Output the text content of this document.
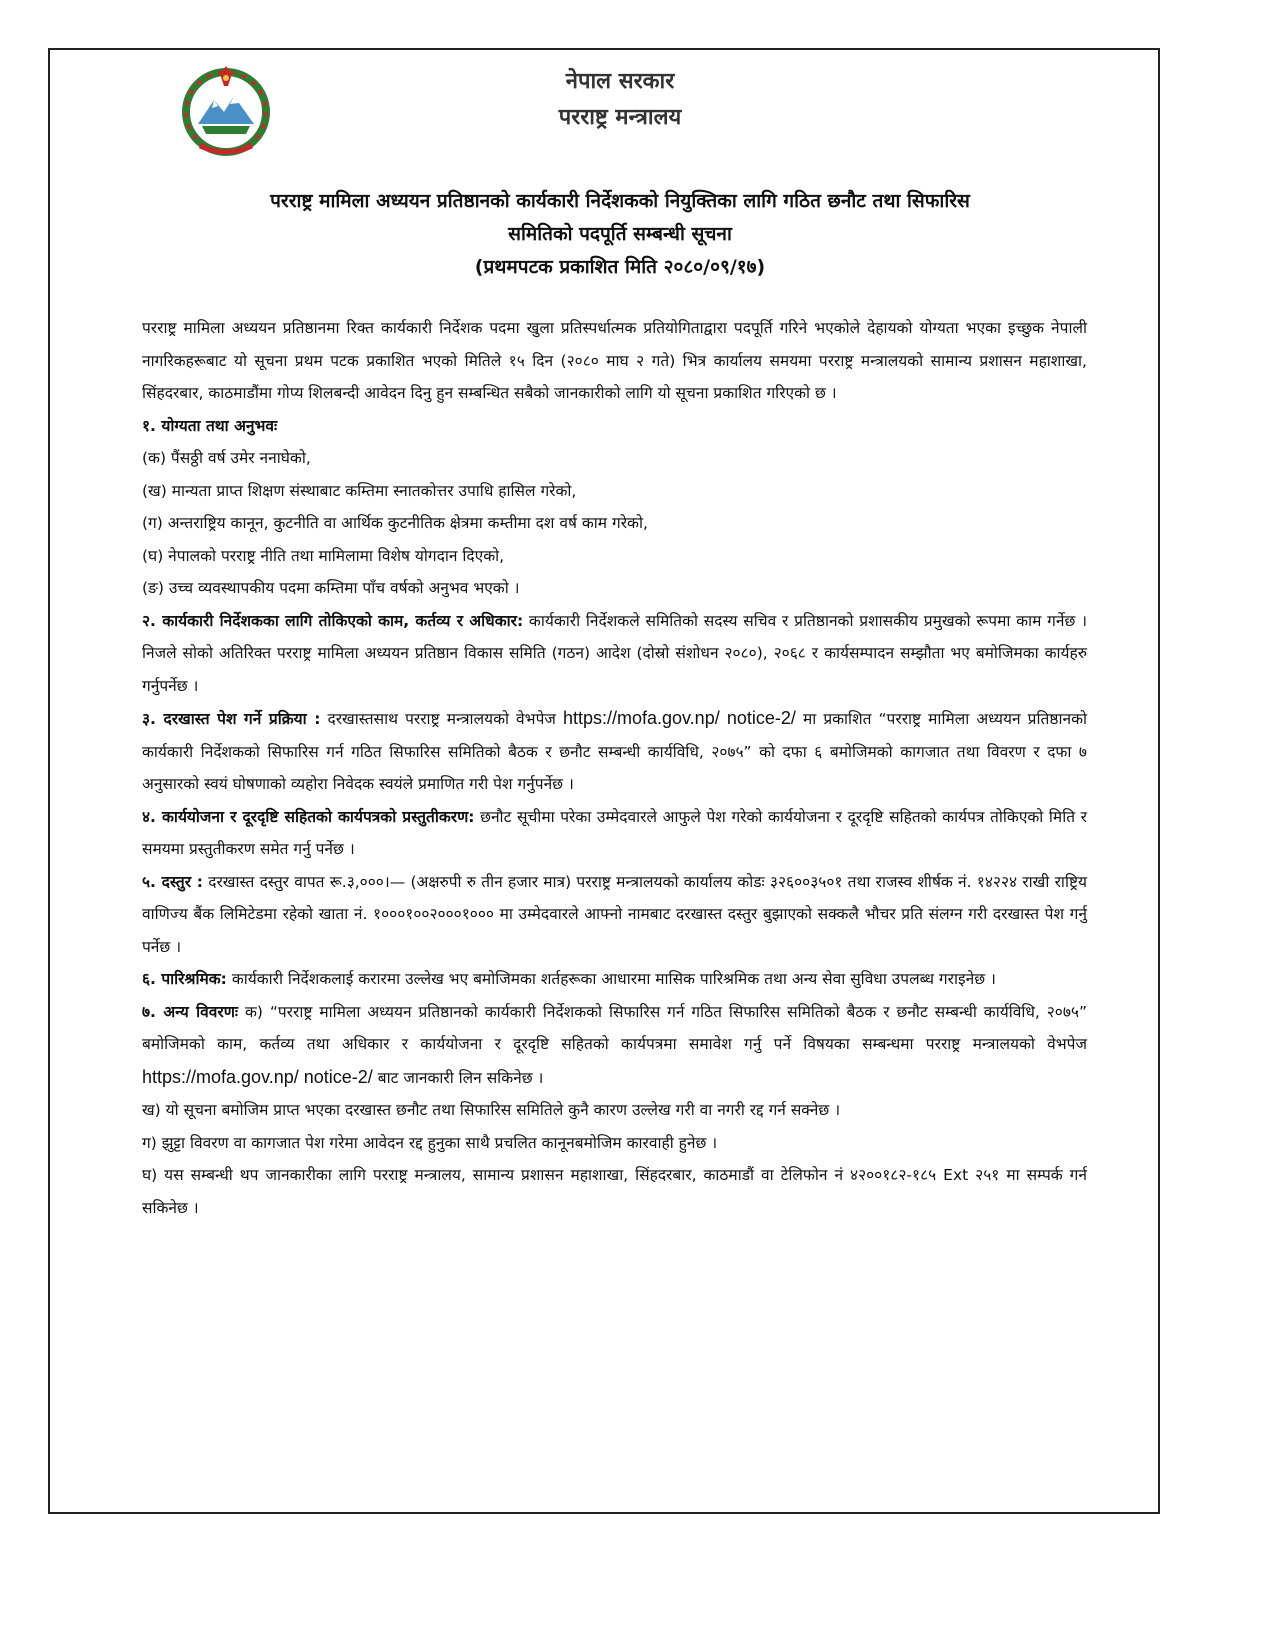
नेपाल सरकार
परराष्ट्र मन्त्रालय
परराष्ट्र मामिला अध्ययन प्रतिष्ठानको कार्यकारी निर्देशकको नियुक्तिका लागि गठित छनौट तथा सिफारिस
समितिको पदपूर्ति सम्बन्धी सूचना
(प्रथमपटक प्रकाशित मिति २०८०/०९/१७)

परराष्ट्र मामिला अध्ययन प्रतिष्ठानमा रिक्त कार्यकारी निर्देशक पदमा खुला प्रतिस्पर्धात्मक प्रतियोगिताद्वारा पदपूर्ति गरिने भएकोले देहायको योग्यता भएका इच्छुक नेपाली नागरिकहरूबाट यो सूचना प्रथम पटक प्रकाशित भएको मितिले १५ दिन (२०८० माघ २ गते) भित्र कार्यालय समयमा परराष्ट्र मन्त्रालयको सामान्य प्रशासन महाशाखा, सिंहदरबार, काठमाडौंमा गोप्य शिलबन्दी आवेदन दिनु हुन सम्बन्धित सबैको जानकारीको लागि यो सूचना प्रकाशित गरिएको छ ।

१. योग्यता तथा अनुभवः

(क) पैंसठ्ठी वर्ष उमेर ननाघेको,

(ख) मान्यता प्राप्त शिक्षण संस्थाबाट कम्तिमा स्नातकोत्तर उपाधि हासिल गरेको,

(ग) अन्तराष्ट्रिय कानून, कुटनीति वा आर्थिक कुटनीतिक क्षेत्रमा कम्तीमा दश वर्ष काम गरेको,

(घ) नेपालको परराष्ट्र नीति तथा मामिलामा विशेष योगदान दिएको,

(ङ) उच्च व्यवस्थापकीय पदमा कम्तिमा पाँच वर्षको अनुभव भएको ।

२. कार्यकारी निर्देशकका लागि तोकिएको काम, कर्तव्य र अधिकार: कार्यकारी निर्देशकले समितिको सदस्य सचिव र प्रतिष्ठानको प्रशासकीय प्रमुखको रूपमा काम गर्नेछ । निजले सोको अतिरिक्त परराष्ट्र मामिला अध्ययन प्रतिष्ठान विकास समिति (गठन) आदेश (दोस्रो संशोधन २०८०), २०६८ र कार्यसम्पादन सम्झौता भए बमोजिमका कार्यहरु गर्नुपर्नेछ ।

३. दरखास्त पेश गर्ने प्रक्रिया : दरखास्तसाथ परराष्ट्र मन्त्रालयको वेभपेज https://mofa.gov.np/ notice-2/ मा प्रकाशित “परराष्ट्र मामिला अध्ययन प्रतिष्ठानको कार्यकारी निर्देशकको सिफारिस गर्न गठित सिफारिस समितिको बैठक र छनौट सम्बन्धी कार्यविधि, २०७५” को दफा ६ बमोजिमको कागजात तथा विवरण र दफा ७ अनुसारको स्वयं घोषणाको व्यहोरा निवेदक स्वयंले प्रमाणित गरी पेश गर्नुपर्नेछ ।

४. कार्ययोजना र दूरदृष्टि सहितको कार्यपत्रको प्रस्तुतीकरण: छनौट सूचीमा परेका उम्मेदवारले आफुले पेश गरेको कार्ययोजना र दूरदृष्टि सहितको कार्यपत्र तोकिएको मिति र समयमा प्रस्तुतीकरण समेत गर्नु पर्नेछ ।

५. दस्तुर : दरखास्त दस्तुर वापत रू.३,०००।— (अक्षरुपी रु तीन हजार मात्र) परराष्ट्र मन्त्रालयको कार्यालय कोडः ३२६००३५०१ तथा राजस्व शीर्षक नं. १४२२४ राखी राष्ट्रिय वाणिज्य बैंक लिमिटेडमा रहेको खाता नं. १०००१००२०००१००० मा उम्मेदवारले आफ्नो नामबाट दरखास्त दस्तुर बुझाएको सक्कलै भौचर प्रति संलग्न गरी दरखास्त पेश गर्नु पर्नेछ ।

६. पारिश्रमिक: कार्यकारी निर्देशकलाई करारमा उल्लेख भए बमोजिमका शर्तहरूका आधारमा मासिक पारिश्रमिक तथा अन्य सेवा सुविधा उपलब्ध गराइनेछ ।

७. अन्य विवरणः क) “परराष्ट्र मामिला अध्ययन प्रतिष्ठानको कार्यकारी निर्देशकको सिफारिस गर्न गठित सिफारिस समितिको बैठक र छनौट सम्बन्धी कार्यविधि, २०७५” बमोजिमको काम, कर्तव्य तथा अधिकार र कार्ययोजना र दूरदृष्टि सहितको कार्यपत्रमा समावेश गर्नु पर्ने विषयका सम्बन्धमा परराष्ट्र मन्त्रालयको वेभपेज https://mofa.gov.np/ notice-2/ बाट जानकारी लिन सकिनेछ ।

ख) यो सूचना बमोजिम प्राप्त भएका दरखास्त छनौट तथा सिफारिस समितिले कुनै कारण उल्लेख गरी वा नगरी रद्द गर्न सक्नेछ ।

ग) झुट्टा विवरण वा कागजात पेश गरेमा आवेदन रद्द हुनुका साथै प्रचलित कानूनबमोजिम कारवाही हुनेछ ।

घ) यस सम्बन्धी थप जानकारीका लागि परराष्ट्र मन्त्रालय, सामान्य प्रशासन महाशाखा, सिंहदरबार, काठमाडौं वा टेलिफोन नं ४२००१८२-१८५ Ext २५१ मा सम्पर्क गर्न सकिनेछ ।
